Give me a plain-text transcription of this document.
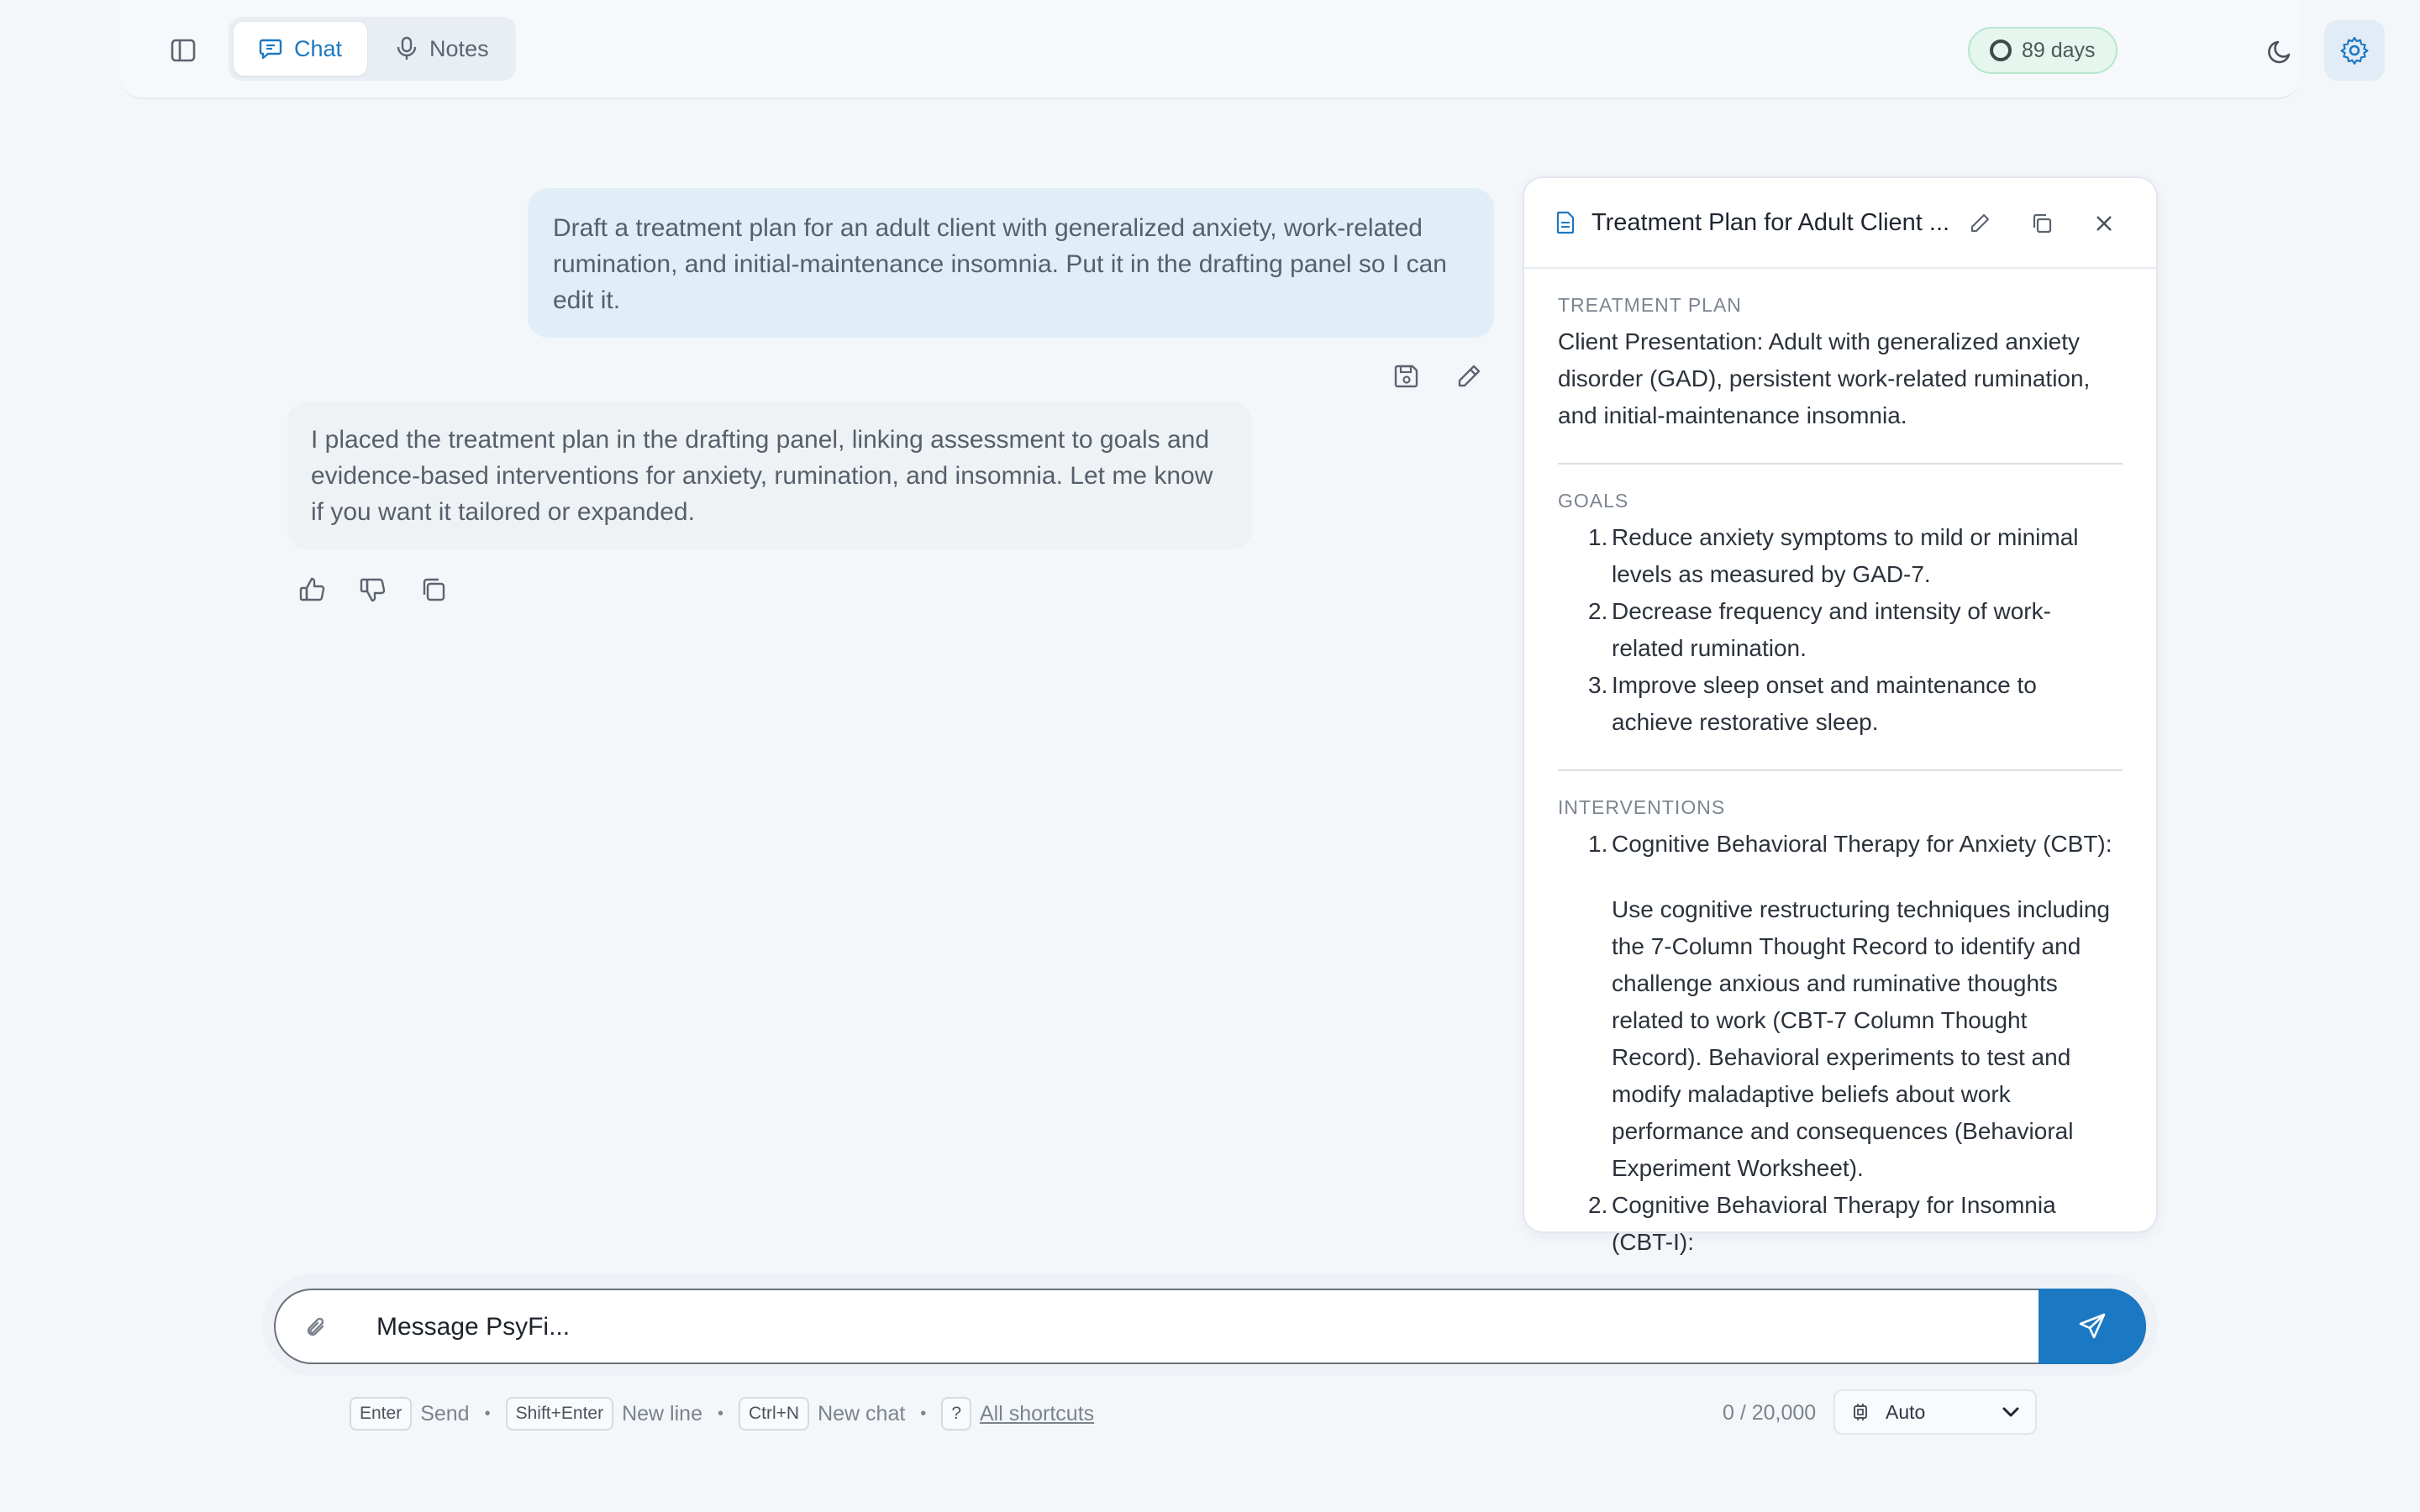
Chat	Notes	89 days
Draft a treatment plan for an adult client with generalized anxiety, work-related rumination, and initial-maintenance insomnia. Put it in the drafting panel so I can edit it.
I placed the treatment plan in the drafting panel, linking assessment to goals and evidence-based interventions for anxiety, rumination, and insomnia. Let me know if you want it tailored or expanded.
Treatment Plan for Adult Client ...
TREATMENT PLAN
Client Presentation: Adult with generalized anxiety disorder (GAD), persistent work-related rumination, and initial-maintenance insomnia.
GOALS
1. Reduce anxiety symptoms to mild or minimal levels as measured by GAD-7.
2. Decrease frequency and intensity of work-related rumination.
3. Improve sleep onset and maintenance to achieve restorative sleep.
INTERVENTIONS
1. Cognitive Behavioral Therapy for Anxiety (CBT):
Use cognitive restructuring techniques including the 7-Column Thought Record to identify and challenge anxious and ruminative thoughts related to work (CBT-7 Column Thought Record). Behavioral experiments to test and modify maladaptive beliefs about work performance and consequences (Behavioral Experiment Worksheet).
2. Cognitive Behavioral Therapy for Insomnia (CBT-I):
Message PsyFi...
Enter Send •	Shift+Enter New line •	Ctrl+N New chat •	? All shortcuts	0 / 20,000	Auto
